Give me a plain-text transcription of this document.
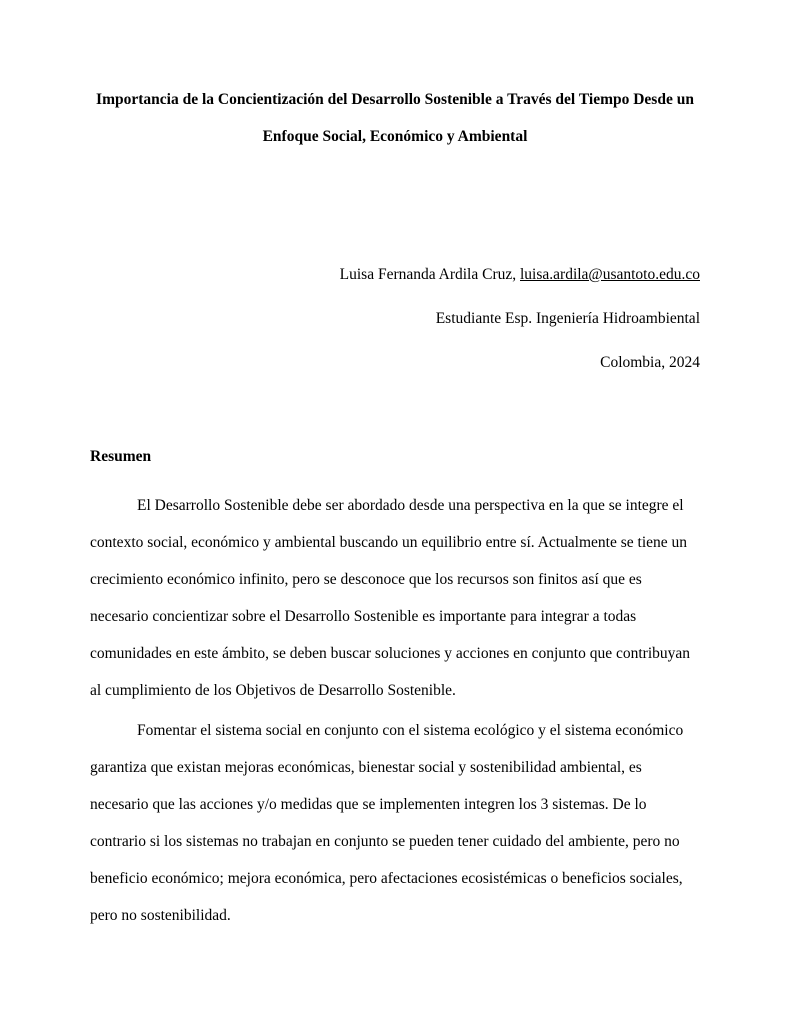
Importancia de la Concientización del Desarrollo Sostenible a Través del Tiempo Desde un
Enfoque Social, Económico y Ambiental
Luisa Fernanda Ardila Cruz, luisa.ardila@usantoto.edu.co
Estudiante Esp. Ingeniería Hidroambiental
Colombia, 2024
Resumen
El Desarrollo Sostenible debe ser abordado desde una perspectiva en la que se integre el
contexto social, económico y ambiental buscando un equilibrio entre sí. Actualmente se tiene un
crecimiento económico infinito, pero se desconoce que los recursos son finitos así que es
necesario concientizar sobre el Desarrollo Sostenible es importante para integrar a todas
comunidades en este ámbito, se deben buscar soluciones y acciones en conjunto que contribuyan
al cumplimiento de los Objetivos de Desarrollo Sostenible.
Fomentar el sistema social en conjunto con el sistema ecológico y el sistema económico
garantiza que existan mejoras económicas, bienestar social y sostenibilidad ambiental, es
necesario que las acciones y/o medidas que se implementen integren los 3 sistemas. De lo
contrario si los sistemas no trabajan en conjunto se pueden tener cuidado del ambiente, pero no
beneficio económico; mejora económica, pero afectaciones ecosistémicas o beneficios sociales,
pero no sostenibilidad.
